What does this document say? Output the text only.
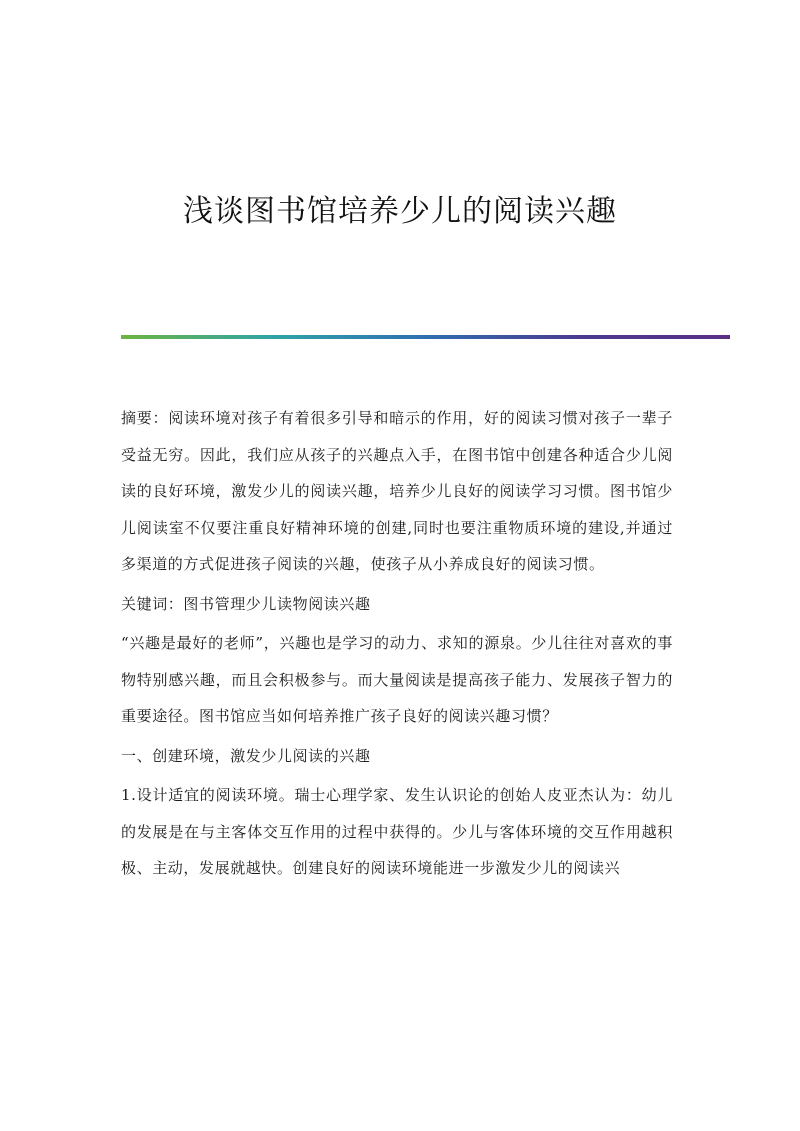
浅谈图书馆培养少儿的阅读兴趣

摘要：阅读环境对孩子有着很多引导和暗示的作用，好的阅读习惯对孩子一辈子受益无穷。因此，我们应从孩子的兴趣点入手，在图书馆中创建各种适合少儿阅读的良好环境，激发少儿的阅读兴趣，培养少儿良好的阅读学习习惯。图书馆少儿阅读室不仅要注重良好精神环境的创建,同时也要注重物质环境的建设,并通过多渠道的方式促进孩子阅读的兴趣，使孩子从小养成良好的阅读习惯。

关键词：图书管理少儿读物阅读兴趣

“兴趣是最好的老师”，兴趣也是学习的动力、求知的源泉。少儿往往对喜欢的事物特别感兴趣，而且会积极参与。而大量阅读是提高孩子能力、发展孩子智力的重要途径。图书馆应当如何培养推广孩子良好的阅读兴趣习惯？

一、创建环境，激发少儿阅读的兴趣

1.设计适宜的阅读环境。瑞士心理学家、发生认识论的创始人皮亚杰认为：幼儿的发展是在与主客体交互作用的过程中获得的。少儿与客体环境的交互作用越积极、主动，发展就越快。创建良好的阅读环境能进一步激发少儿的阅读兴
